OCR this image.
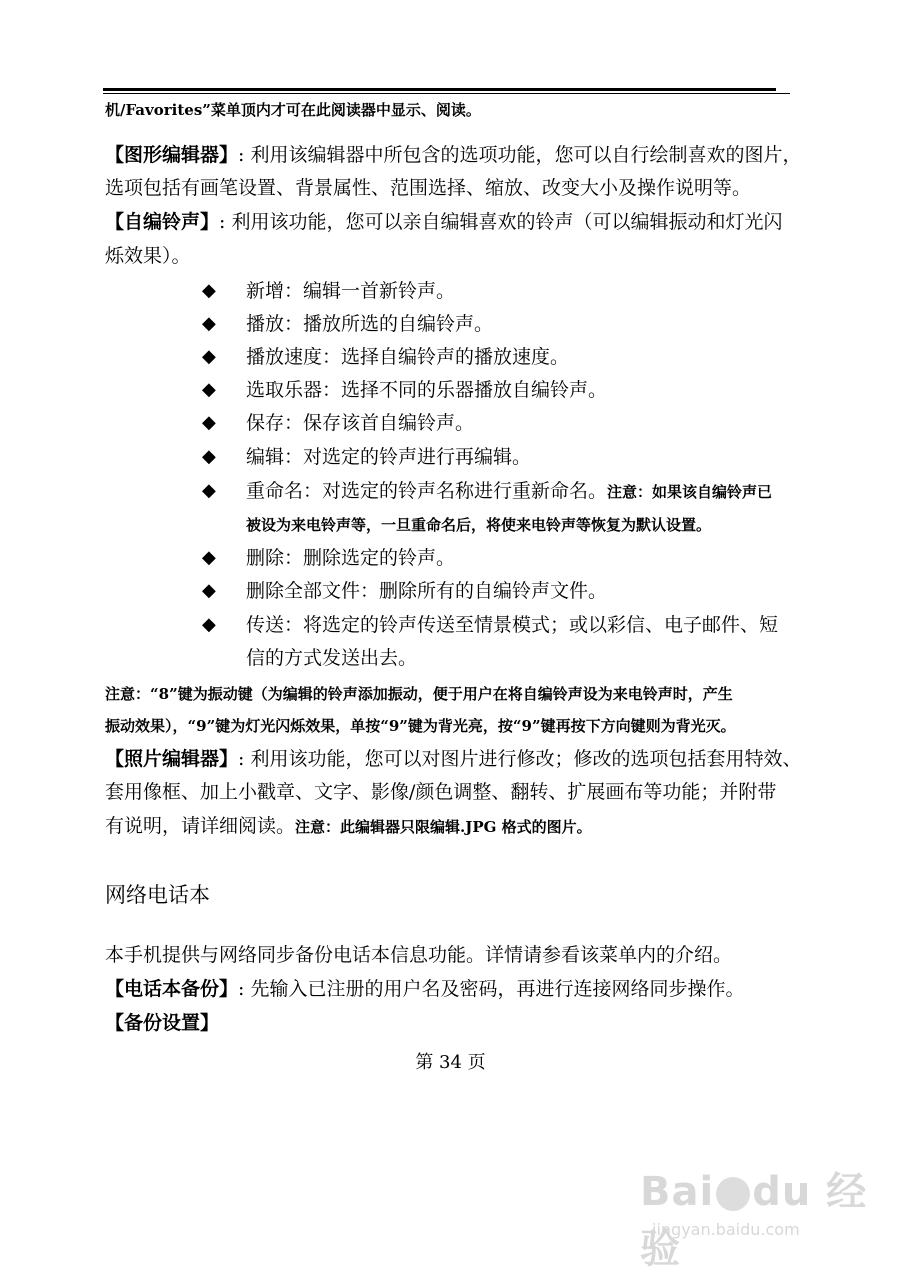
机/Favorites”菜单顶内才可在此阅读器中显示、阅读。
【图形编辑器】: 利用该编辑器中所包含的选项功能，您可以自行绘制喜欢的图片，
选项包括有画笔设置、背景属性、范围选择、缩放、改变大小及操作说明等。
【自编铃声】: 利用该功能，您可以亲自编辑喜欢的铃声（可以编辑振动和灯光闪
烁效果）。
◆ 新增：编辑一首新铃声。
◆ 播放：播放所选的自编铃声。
◆ 播放速度：选择自编铃声的播放速度。
◆ 选取乐器：选择不同的乐器播放自编铃声。
◆ 保存：保存该首自编铃声。
◆ 编辑：对选定的铃声进行再编辑。
◆ 重命名：对选定的铃声名称进行重新命名。注意：如果该自编铃声已
被设为来电铃声等，一旦重命名后，将使来电铃声等恢复为默认设置。
◆ 删除：删除选定的铃声。
◆ 删除全部文件：删除所有的自编铃声文件。
◆ 传送：将选定的铃声传送至情景模式；或以彩信、电子邮件、短
信的方式发送出去。
注意：“8”键为振动键（为编辑的铃声添加振动，便于用户在将自编铃声设为来电铃声时，产生
振动效果），“9”键为灯光闪烁效果，单按“9”键为背光亮，按“9”键再按下方向键则为背光灭。
【照片编辑器】: 利用该功能，您可以对图片进行修改；修改的选项包括套用特效、
套用像框、加上小戳章、文字、影像/颜色调整、翻转、扩展画布等功能；并附带
有说明，请详细阅读。注意：此编辑器只限编辑.JPG 格式的图片。
网络电话本
本手机提供与网络同步备份电话本信息功能。详情请参看该菜单内的介绍。
【电话本备份】: 先输入已注册的用户名及密码，再进行连接网络同步操作。
【备份设置】
第 34 页
Bai du 经验
jingyan.baidu.com
